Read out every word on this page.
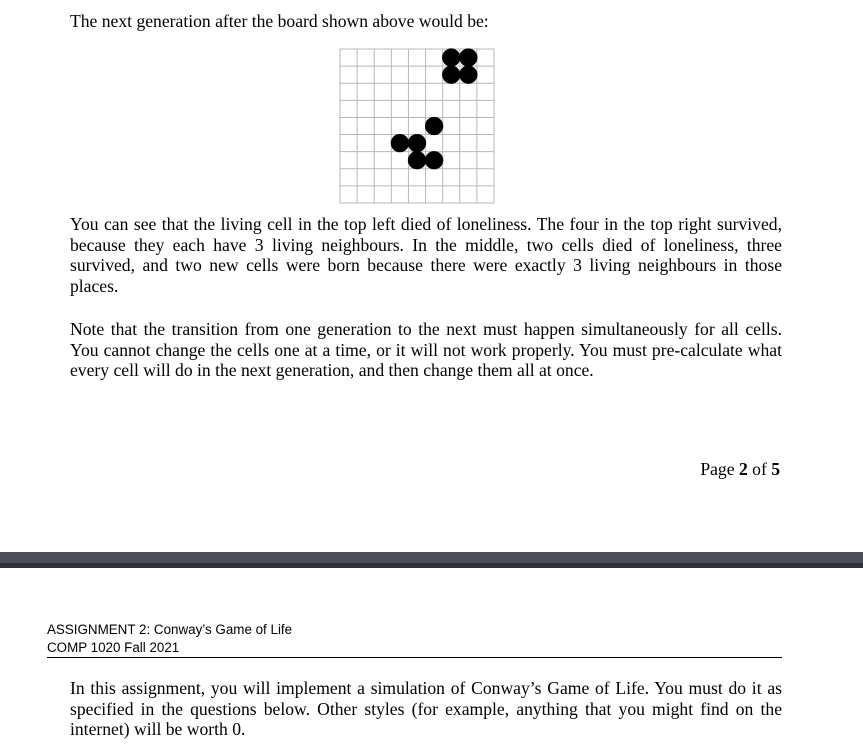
The next generation after the board shown above would be:

You can see that the living cell in the top left died of loneliness. The four in the top right survived, because they each have 3 living neighbours. In the middle, two cells died of loneliness, three survived, and two new cells were born because there were exactly 3 living neighbours in those places.

Note that the transition from one generation to the next must happen simultaneously for all cells. You cannot change the cells one at a time, or it will not work properly. You must pre-calculate what every cell will do in the next generation, and then change them all at once.

Page 2 of 5
ASSIGNMENT 2: Conway’s Game of Life
COMP 1020 Fall 2021

In this assignment, you will implement a simulation of Conway’s Game of Life. You must do it as specified in the questions below. Other styles (for example, anything that you might find on the internet) will be worth 0.
